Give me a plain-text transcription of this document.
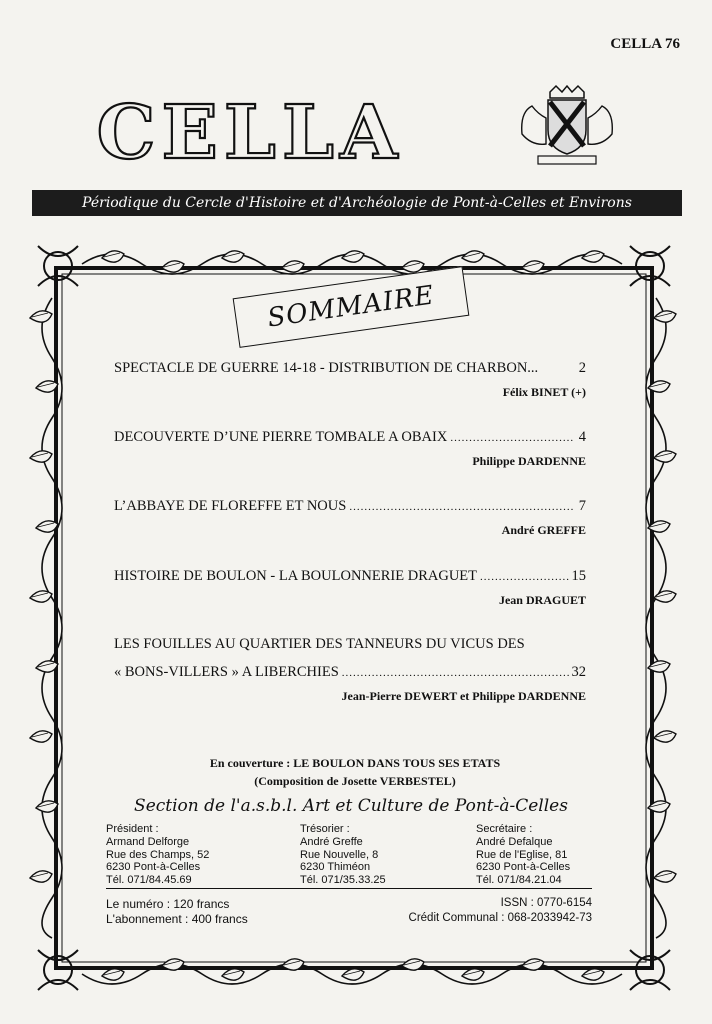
CELLA 76
CELLA
Périodique du Cercle d'Histoire et d'Archéologie de Pont-à-Celles et Environs
SOMMAIRE
SPECTACLE DE GUERRE 14-18 - DISTRIBUTION DE CHARBON...	2
Félix BINET (+)
DECOUVERTE D’UNE PIERRE TOMBALE A OBAIX .....	4
Philippe DARDENNE
L’ABBAYE DE FLOREFFE ET NOUS .....	7
André GREFFE
HISTOIRE DE BOULON - LA BOULONNERIE DRAGUET .....	15
Jean DRAGUET
LES FOUILLES AU QUARTIER DES TANNEURS DU VICUS DES
« BONS-VILLERS » A LIBERCHIES .....	32
Jean-Pierre DEWERT et Philippe DARDENNE
En couverture : LE BOULON DANS TOUS SES ETATS
(Composition de Josette VERBESTEL)
Section de l'a.s.b.l. Art et Culture de Pont-à-Celles
Président :
Armand Delforge
Rue des Champs, 52
6230 Pont-à-Celles
Tél. 071/84.45.69
Trésorier :
André Greffe
Rue Nouvelle, 8
6230 Thiméon
Tél. 071/35.33.25
Secrétaire :
André Defalque
Rue de l'Eglise, 81
6230 Pont-à-Celles
Tél. 071/84.21.04
Le numéro : 120 francs
L'abonnement : 400 francs
ISSN : 0770-6154
Crédit Communal : 068-2033942-73
